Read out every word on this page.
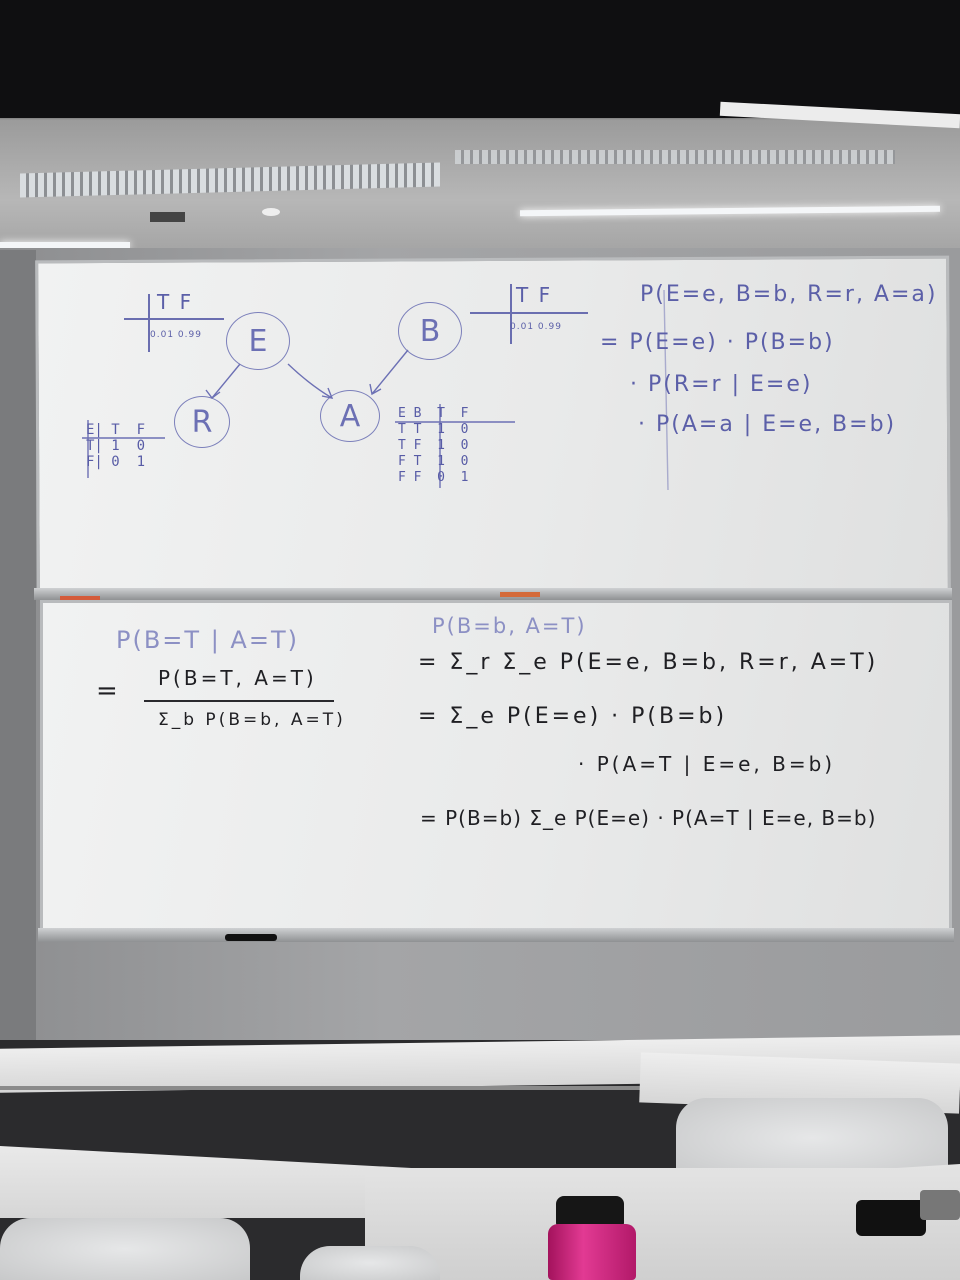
T F
0.01 0.99
T F
0.01 0.99
E	B
R	A
E| T  F
T| 1  0
F| 0  1
E B  T  F
T T  1  0
T F  1  0
F T  1  0
F F  0  1
P(E=e, B=b, R=r, A=a)
= P(E=e) · P(B=b)
· P(R=r | E=e)
· P(A=a | E=e, B=b)
P(B=T | A=T)
= P(B=T, A=T)
Σ_b P(B=b, A=T)
P(B=b, A=T)
= Σ_r Σ_e P(E=e, B=b, R=r, A=T)
= Σ_e P(E=e) · P(B=b)
· P(A=T | E=e, B=b)
= P(B=b) Σ_e P(E=e) · P(A=T | E=e, B=b)
